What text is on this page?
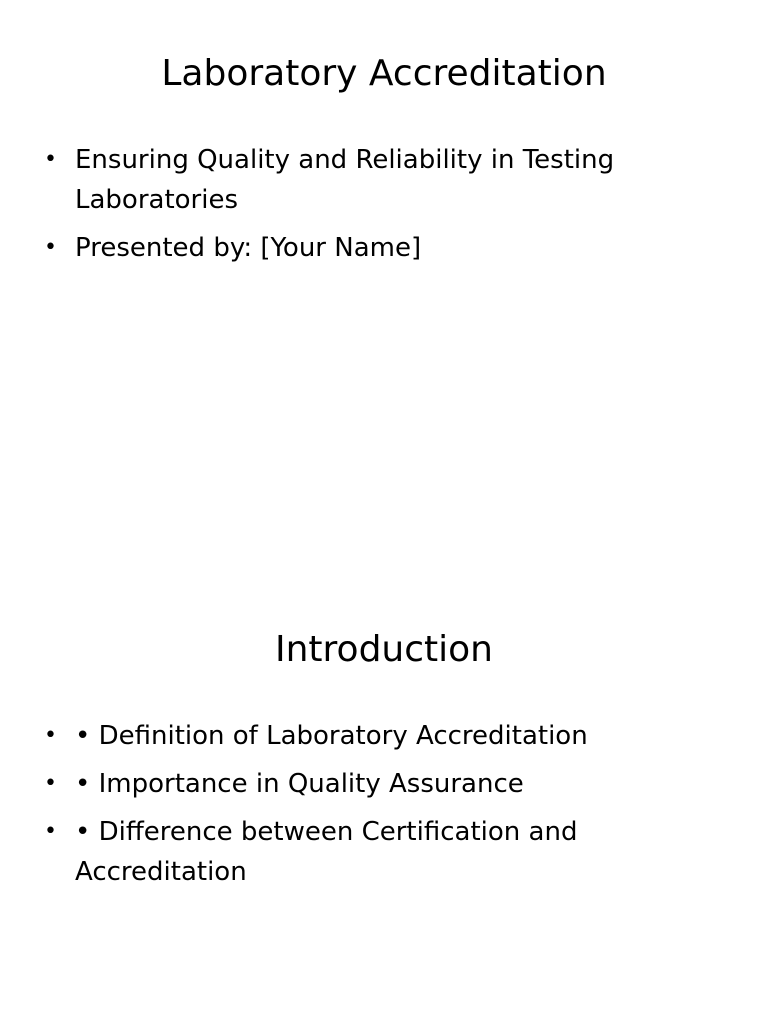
Laboratory Accreditation
• Ensuring Quality and Reliability in Testing Laboratories
• Presented by: [Your Name]
Introduction
• • Definition of Laboratory Accreditation
• • Importance in Quality Assurance
• • Difference between Certification and Accreditation
